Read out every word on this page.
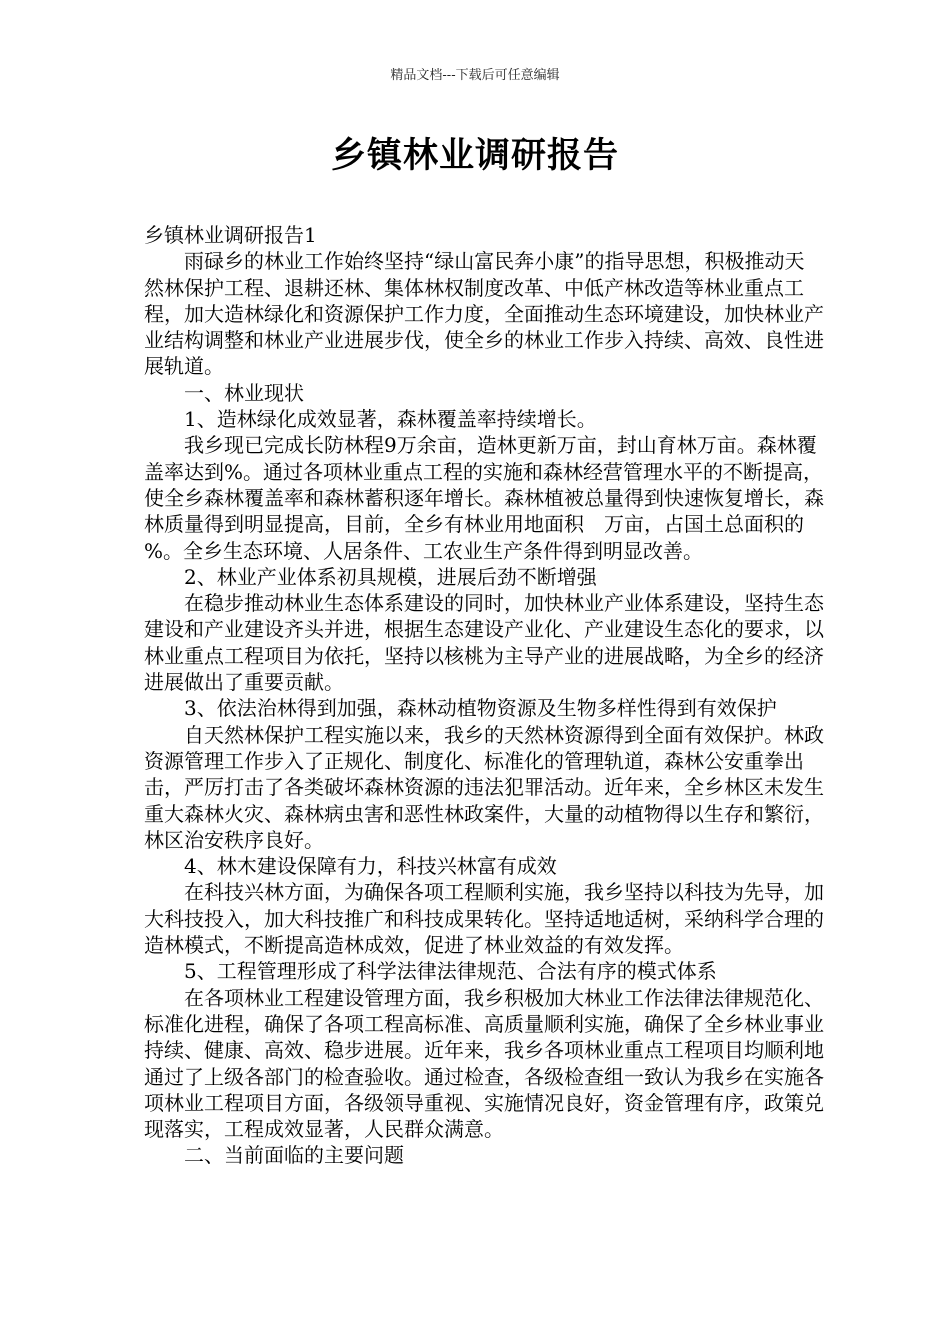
精品文档---下载后可任意编辑
乡镇林业调研报告

乡镇林业调研报告1

雨碌乡的林业工作始终坚持“绿山富民奔小康”的指导思想，积极推动天然林保护工程、退耕还林、集体林权制度改革、中低产林改造等林业重点工程，加大造林绿化和资源保护工作力度，全面推动生态环境建设，加快林业产业结构调整和林业产业进展步伐，使全乡的林业工作步入持续、高效、良性进展轨道。

一、林业现状

1、造林绿化成效显著，森林覆盖率持续增长。

我乡现已完成长防林程9万余亩，造林更新万亩，封山育林万亩。森林覆盖率达到%。通过各项林业重点工程的实施和森林经营管理水平的不断提高，使全乡森林覆盖率和森林蓄积逐年增长。森林植被总量得到快速恢复增长，森林质量得到明显提高，目前，全乡有林业用地面积　万亩，占国土总面积的 %。全乡生态环境、人居条件、工农业生产条件得到明显改善。

2、林业产业体系初具规模，进展后劲不断增强

在稳步推动林业生态体系建设的同时，加快林业产业体系建设，坚持生态建设和产业建设齐头并进，根据生态建设产业化、产业建设生态化的要求，以林业重点工程项目为依托，坚持以核桃为主导产业的进展战略，为全乡的经济进展做出了重要贡献。

3、依法治林得到加强，森林动植物资源及生物多样性得到有效保护

自天然林保护工程实施以来，我乡的天然林资源得到全面有效保护。林政资源管理工作步入了正规化、制度化、标准化的管理轨道，森林公安重拳出击，严厉打击了各类破坏森林资源的违法犯罪活动。近年来，全乡林区未发生重大森林火灾、森林病虫害和恶性林政案件，大量的动植物得以生存和繁衍，林区治安秩序良好。

4、林木建设保障有力，科技兴林富有成效

在科技兴林方面，为确保各项工程顺利实施，我乡坚持以科技为先导，加大科技投入，加大科技推广和科技成果转化。坚持适地适树，采纳科学合理的造林模式，不断提高造林成效，促进了林业效益的有效发挥。

5、工程管理形成了科学法律法律规范、合法有序的模式体系

在各项林业工程建设管理方面，我乡积极加大林业工作法律法律规范化、标准化进程，确保了各项工程高标准、高质量顺利实施，确保了全乡林业事业持续、健康、高效、稳步进展。近年来，我乡各项林业重点工程项目均顺利地通过了上级各部门的检查验收。通过检查，各级检查组一致认为我乡在实施各项林业工程项目方面，各级领导重视、实施情况良好，资金管理有序，政策兑现落实，工程成效显著，人民群众满意。

二、当前面临的主要问题
